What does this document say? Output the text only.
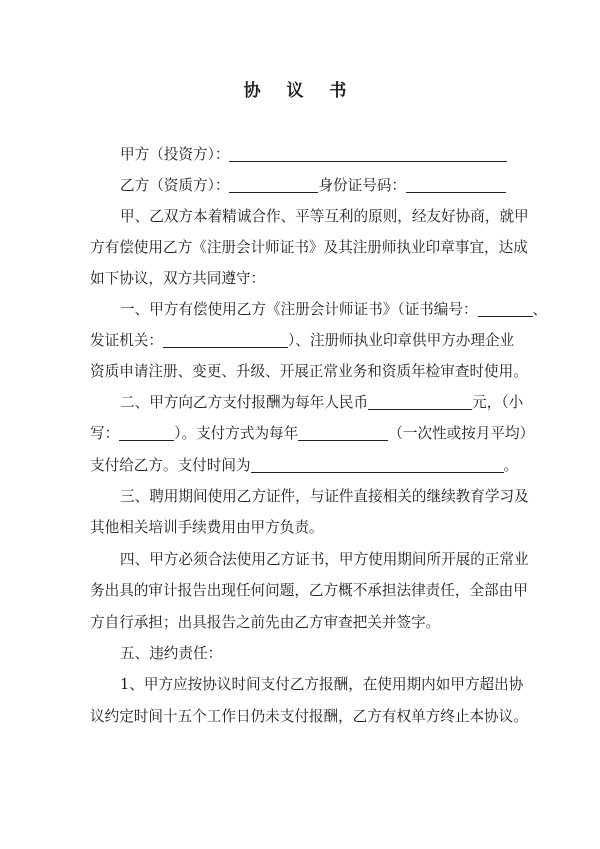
协 议 书
甲方（投资方）：
乙方（资质方）：	身份证号码：
甲、乙双方本着精诚合作、平等互利的原则，经友好协商，就甲
方有偿使用乙方《注册会计师证书》及其注册师执业印章事宜，达成
如下协议，双方共同遵守：
一、甲方有偿使用乙方《注册会计师证书》（证书编号：	、
发证机关：	）、注册师执业印章供甲方办理企业
资质申请注册、变更、升级、开展正常业务和资质年检审查时使用。
二、甲方向乙方支付报酬为每年人民币	元，（小
写：	）。支付方式为每年	（一次性或按月平均）
支付给乙方。支付时间为	。
三、聘用期间使用乙方证件，与证件直接相关的继续教育学习及
其他相关培训手续费用由甲方负责。
四、甲方必须合法使用乙方证书，甲方使用期间所开展的正常业
务出具的审计报告出现任何问题，乙方概不承担法律责任，全部由甲
方自行承担；出具报告之前先由乙方审查把关并签字。
五、违约责任：
1、甲方应按协议时间支付乙方报酬，在使用期内如甲方超出协
议约定时间十五个工作日仍未支付报酬，乙方有权单方终止本协议。
